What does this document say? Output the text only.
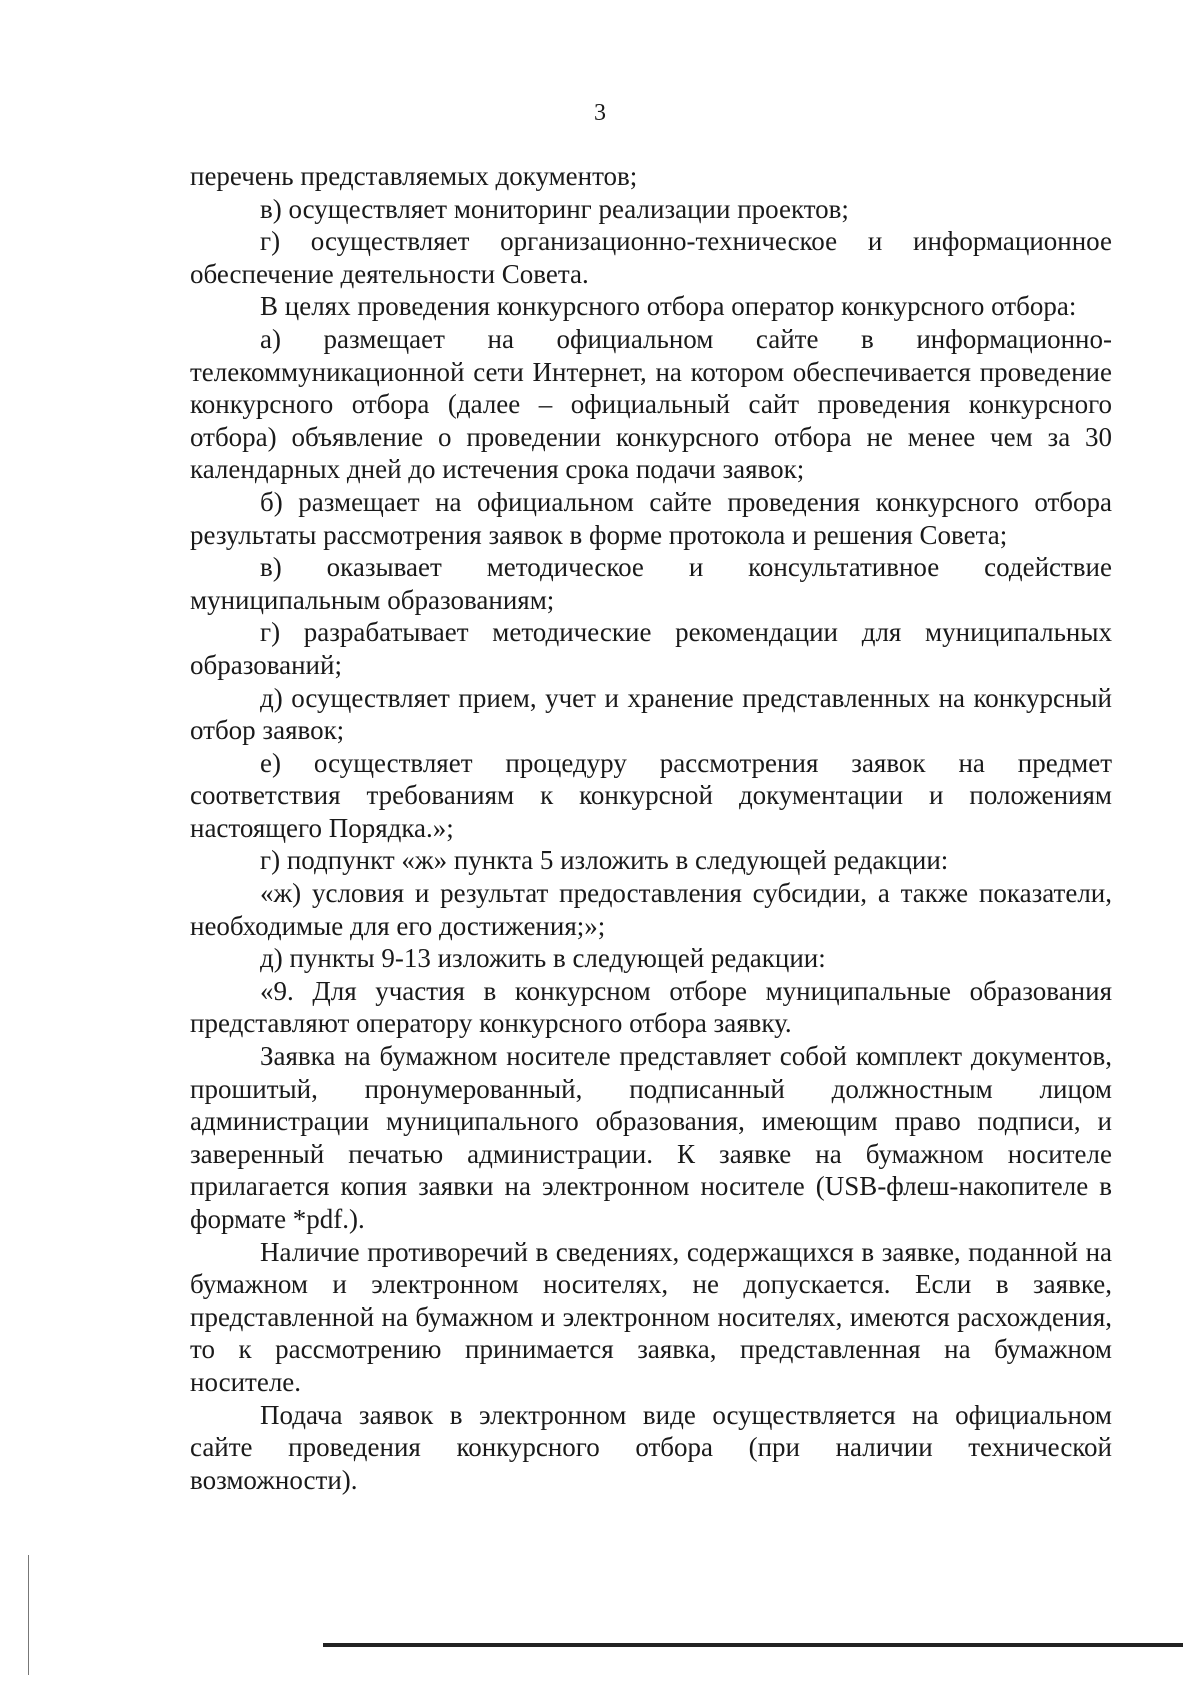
3

перечень представляемых документов;

в) осуществляет мониторинг реализации проектов;

г) осуществляет организационно-техническое и информационное обеспечение деятельности Совета.

В целях проведения конкурсного отбора оператор конкурсного отбора:

а) размещает на официальном сайте в информационно-телекоммуникационной сети Интернет, на котором обеспечивается проведение конкурсного отбора (далее – официальный сайт проведения конкурсного отбора) объявление о проведении конкурсного отбора не менее чем за 30 календарных дней до истечения срока подачи заявок;

б) размещает на официальном сайте проведения конкурсного отбора результаты рассмотрения заявок в форме протокола и решения Совета;

в) оказывает методическое и консультативное содействие муниципальным образованиям;

г) разрабатывает методические рекомендации для муниципальных образований;

д) осуществляет прием, учет и хранение представленных на конкурсный отбор заявок;

е) осуществляет процедуру рассмотрения заявок на предмет соответствия требованиям к конкурсной документации и положениям настоящего Порядка.»;

г) подпункт «ж» пункта 5 изложить в следующей редакции:

«ж) условия и результат предоставления субсидии, а также показатели, необходимые для его достижения;»;

д) пункты 9-13 изложить в следующей редакции:

«9. Для участия в конкурсном отборе муниципальные образования представляют оператору конкурсного отбора заявку.

Заявка на бумажном носителе представляет собой комплект документов, прошитый, пронумерованный, подписанный должностным лицом администрации муниципального образования, имеющим право подписи, и заверенный печатью администрации. К заявке на бумажном носителе прилагается копия заявки на электронном носителе (USB-флеш-накопителе в формате *pdf.).

Наличие противоречий в сведениях, содержащихся в заявке, поданной на бумажном и электронном носителях, не допускается. Если в заявке, представленной на бумажном и электронном носителях, имеются расхождения, то к рассмотрению принимается заявка, представленная на бумажном носителе.

Подача заявок в электронном виде осуществляется на официальном сайте проведения конкурсного отбора (при наличии технической возможности).
